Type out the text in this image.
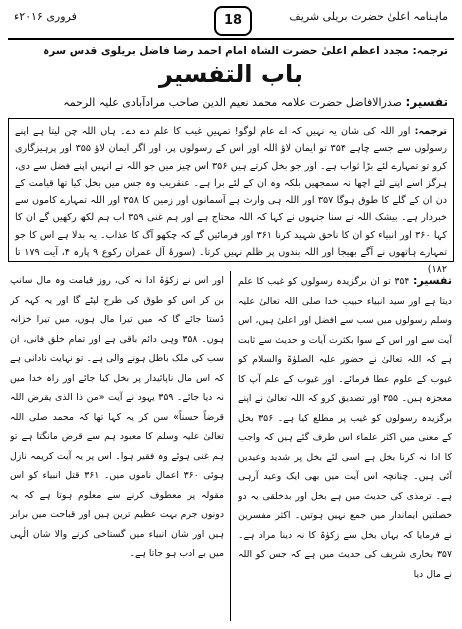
فروری ۲۰۱۶ء	18	ماہنامہ اعلیٰ حضرت بریلی شریف
ترجمہ: مجدد اعظم اعلیٰ حضرت الشاہ امام احمد رضا فاضل بریلوی قدس سرہ
باب التفسیر
تفسیر: صدرالافاضل حضرت علامہ محمد نعیم الدین صاحب مرادآبادی علیہ الرحمہ

ترجمہ: اور اللہ کی شان یہ نہیں کہ اے عام لوگو! تمہیں غیب کا علم دے دے۔ ہاں اللہ چن لیتا ہے اپنے رسولوں سے جسے چاہے ۳۵۴ تو ایمان لاؤ اللہ اور اس کے رسولوں پر، اور اگر ایمان لاؤ ۳۵۵ اور پرہیزگاری کرو تو تمہارے لئے بڑا ثواب ہے۔ اور جو بخل کرتے ہیں ۳۵۶ اس چیز میں جو اللہ نے انہیں اپنے فضل سے دی، ہرگز اسے اپنے لئے اچھا نہ سمجھیں بلکہ وہ ان کے لئے برا ہے۔ عنقریب وہ جس میں بخل کیا تھا قیامت کے دن ان کے گلے کا طوق ہوگا ۳۵۷ اور اللہ ہی وارث ہے آسمانوں اور زمین کا ۳۵۸ اور اللہ تمہارے کاموں سے خبردار ہے۔ بیشک اللہ نے سنا جنہوں نے کہا کہ اللہ محتاج ہے اور ہم غنی ۳۵۹ اب ہم لکھ رکھیں گے ان کا کہا ۳۶۰ اور انبیاء کو ان کا ناحق شہید کرنا ۳۶۱ اور فرمائیں گے کہ چکھو آگ کا عذاب۔ یہ بدلا ہے اس کا جو تمہارے ہاتھوں نے آگے بھیجا اور اللہ بندوں پر ظلم نہیں کرتا۔ (سورۂ آل عمران رکوع ۹ پارہ ۴، آیت ۱۷۹ تا ۱۸۲)

تفسیر: ۳۵۴ تو ان برگزیدہ رسولوں کو غیب کا علم دیتا ہے اور سید انبیاء حبیب خدا صلی اللہ تعالیٰ علیہ وسلم رسولوں میں سب سے افضل اور اعلیٰ ہیں، اس آیت سے اور اس کے سوا بکثرت آیات و حدیث سے ثابت ہے کہ اللہ تعالیٰ نے حضور علیہ الصلوٰۃ والسلام کو غیوب کے علوم عطا فرمائے۔ اور غیوب کے علم آپ کا معجزہ ہیں۔ ۳۵۵ اور تصدیق کرو کہ اللہ تعالیٰ نے اپنے برگزیدہ رسولوں کو غیب پر مطلع کیا ہے۔ ۳۵۶ بخل کے معنی میں اکثر علماء اس طرف گئے ہیں کہ واجب کا ادا نہ کرنا بخل ہے اسی لئے بخل پر شدید وعیدیں آئی ہیں۔ چنانچہ اس آیت میں بھی ایک وعید آرہی ہے۔ ترمذی کی حدیث میں ہے بخل اور بدخلقی یہ دو خصلتیں ایماندار میں جمع نہیں ہوتیں۔ اکثر مفسرین نے فرمایا کہ یہاں بخل سے زکوٰۃ کا نہ دینا مراد ہے۔ ۳۵۷ بخاری شریف کی حدیث میں ہے کہ جس کو اللہ نے مال دیا

اور اس نے زکوٰۃ ادا نہ کی، روز قیامت وہ مال سانپ بن کر اس کو طوق کی طرح لپٹے گا اور یہ کہہ کر ڈستا جائے گا کہ میں تیرا مال ہوں، میں تیرا خزانہ ہوں۔ ۳۵۸ وہی دائم باقی ہے اور تمام خلق فانی، ان سب کی ملک باطل ہونے والی ہے۔ تو نہایت نادانی ہے کہ اس مال ناپائیدار پر بخل کیا جائے اور راہ خدا میں نہ دیا جائے۔ ۳۵۹ یہود نے آیت «من ذا الذی یقرض اللہ قرضاً حسناً» سن کر یہ کہا تھا کہ محمد صلی اللہ تعالیٰ علیہ وسلم کا معبود ہم سے قرض مانگتا ہے تو ہم غنی ہوئے وہ فقیر ہوا۔ اس پر یہ آیت کریمہ نازل ہوئی ۳۶۰ اعمال ناموں میں۔ ۳۶۱ قتل انبیاء کو اس مقولہ پر معطوف کرنے سے معلوم ہوتا ہے کہ یہ دونوں جرم بہت عظیم ترین ہیں اور قباحت میں برابر ہیں اور شان انبیاء میں گستاخی کرنے والا شان الٰہی میں بے ادب ہو جاتا ہے۔
